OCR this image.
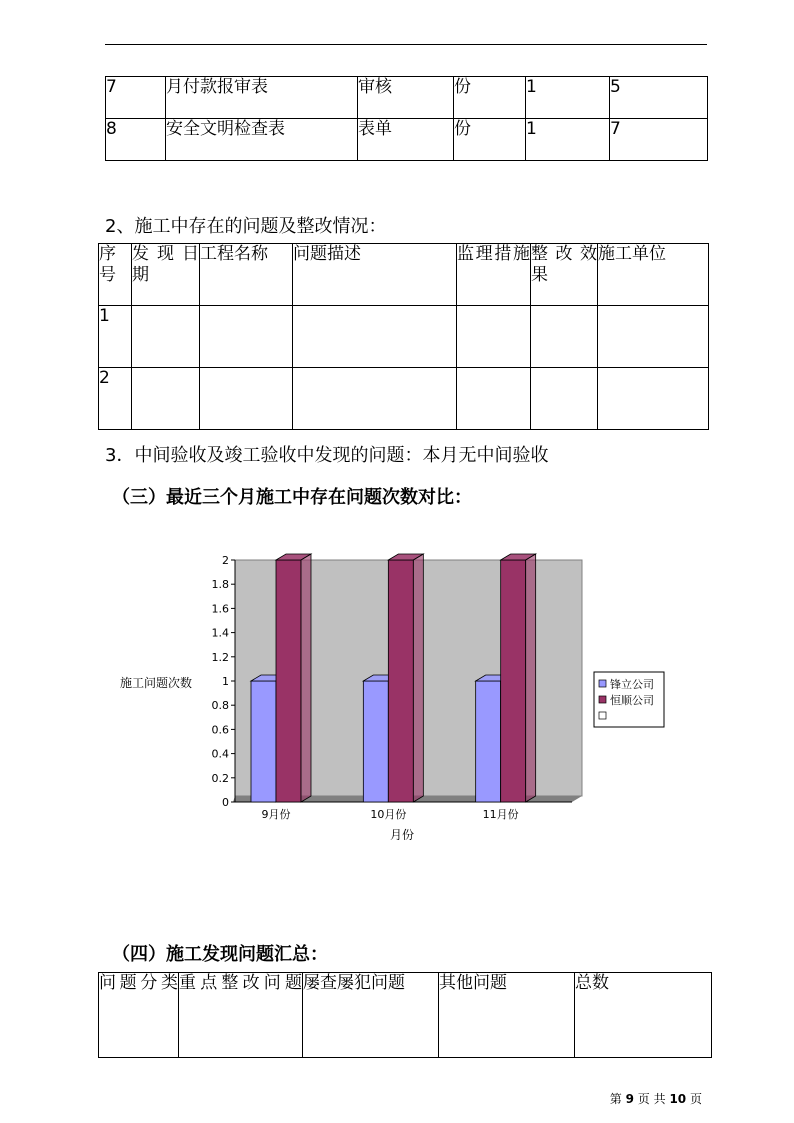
7	月付款报审表	审核	份	1	5
8	安全文明检查表	表单	份	1	7
2、施工中存在的问题及整改情况：
序号	发现日期	工程名称	问题描述	监理措施	整改效果	施工单位
1						
2						
3．中间验收及竣工验收中发现的问题：本月无中间验收
（三）最近三个月施工中存在问题次数对比：
0
0.2
0.4
0.6
0.8
1
1.2
1.4
1.6
1.8
2
9月份	10月份	11月份
施工问题次数
月份
锋立公司
恒顺公司
（四）施工发现问题汇总：
问题分类	重点整改问题	屡查屡犯问题	其他问题	总数
第 9 页 共 10 页
